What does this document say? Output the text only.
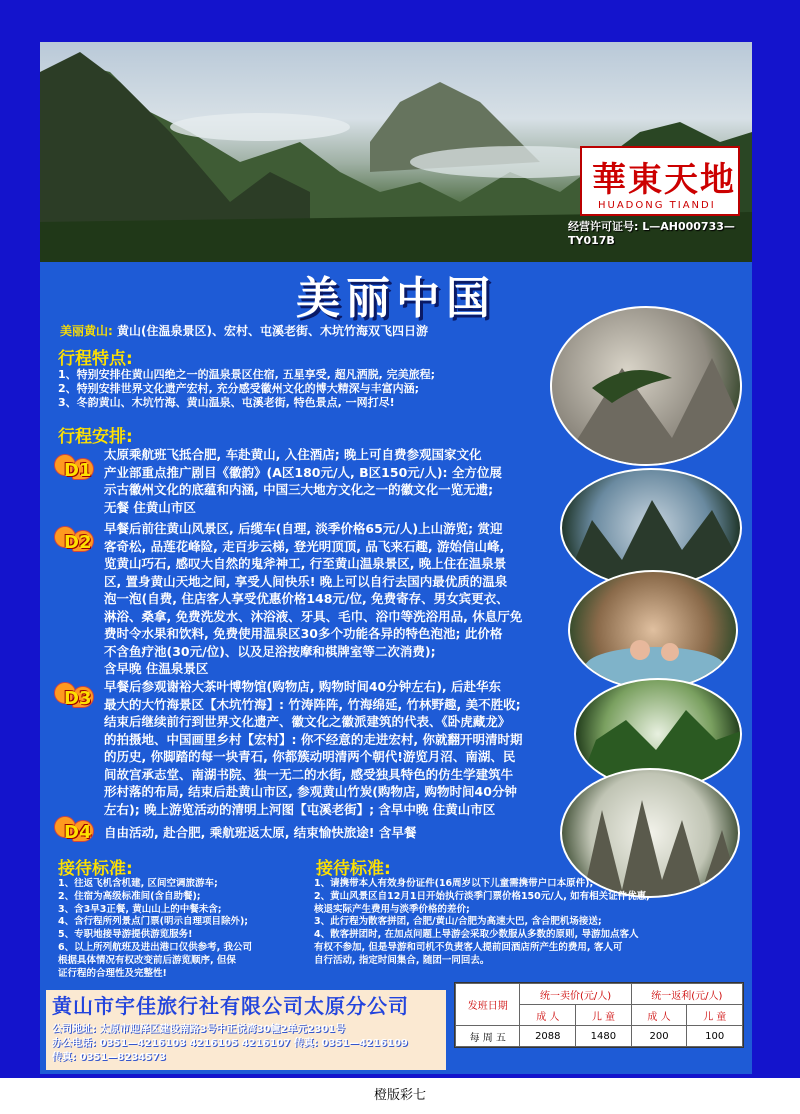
華東天地
HUADONG TIANDI
经营许可证号: L—AH000733—TY017B
美丽中国
美丽黄山: 黄山(住温泉景区)、宏村、屯溪老街、木坑竹海双飞四日游
行程特点:
1、特别安排住黄山四绝之一的温泉景区住宿, 五星享受, 超凡洒脱, 完美旅程;
2、特别安排世界文化遗产宏村, 充分感受徽州文化的博大精深与丰富内涵;
3、冬韵黄山、木坑竹海、黄山温泉、屯溪老街, 特色景点, 一网打尽!
行程安排:
D1
太原乘航班飞抵合肥, 车赴黄山, 入住酒店; 晚上可自费参观国家文化
产业部重点推广剧目《徽韵》(A区180元/人, B区150元/人): 全方位展
示古徽州文化的底蕴和内涵, 中国三大地方文化之一的徽文化一览无遗;
无餐 住黄山市区
D2
早餐后前往黄山风景区, 后缆车(自理, 淡季价格65元/人)上山游览; 赏迎
客奇松, 品莲花峰险, 走百步云梯, 登光明顶顶, 品飞来石趣, 游始信山峰,
览黄山巧石, 感叹大自然的鬼斧神工, 行至黄山温泉景区, 晚上住在温泉景
区, 置身黄山天地之间, 享受人间快乐! 晚上可以自行去国内最优质的温泉
泡一泡(自费, 住店客人享受优惠价格148元/位, 免费寄存、男女宾更衣、
淋浴、桑拿, 免费洗发水、沐浴液、牙具、毛巾、浴巾等洗浴用品, 休息厅免
费时令水果和饮料, 免费使用温泉区30多个功能各异的特色泡池; 此价格
不含鱼疗池(30元/位)、以及足浴按摩和棋牌室等二次消费);
含早晚 住温泉景区
D3
早餐后参观谢裕大茶叶博物馆(购物店, 购物时间40分钟左右), 后赴华东
最大的大竹海景区【木坑竹海】: 竹涛阵阵, 竹海绵延, 竹林野趣, 美不胜收;
结束后继续前行到世界文化遗产、徽文化之徽派建筑的代表、《卧虎藏龙》
的拍摄地、中国画里乡村【宏村】: 你不经意的走进宏村, 你就翻开明清时期
的历史, 你脚踏的每一块青石, 你都簇动明清两个朝代!游览月沼、南湖、民
间故宫承志堂、南湖书院、独一无二的水街, 感受独具特色的仿生学建筑牛
形村落的布局, 结束后赴黄山市区, 参观黄山竹炭(购物店, 购物时间40分钟
左右); 晚上游览活动的清明上河图【屯溪老街】; 含早中晚 住黄山市区
D4 自由活动, 赴合肥, 乘航班返太原, 结束愉快旅途! 含早餐
接待标准:
1、往返飞机含机建, 区间空调旅游车;
2、住宿为高级标准间(含自助餐);
3、含3早3正餐, 黄山山上的中餐未含;
4、含行程所列景点门票(明示自理项目除外);
5、专职地接导游提供游览服务!
6、以上所列航班及进出港口仅供参考, 我公司
根据具体情况有权改变前后游览顺序, 但保
证行程的合理性及完整性!
接待标准:
1、请携带本人有效身份证件(16周岁以下儿童需携带户口本原件);
2、黄山风景区自12月1日开始执行淡季门票价格150元/人, 如有相关证件优惠,
核退实际产生费用与淡季价格的差价;
3、此行程为散客拼团, 合肥/黄山/合肥为高速大巴, 含合肥机场接送;
4、散客拼团时, 在加点问题上导游会采取少数服从多数的原则, 导游加点客人
有权不参加, 但是导游和司机不负责客人提前回酒店所产生的费用, 客人可
自行活动, 指定时间集合, 随团一同回去。
黄山市宇佳旅行社有限公司太原分公司
公司地址: 太原市迎泽区建设南路3号中正悦湾30幢2单元2301号
办公电话: 0351—4216103 4216105 4216107 传真: 0351—4216109
传真: 0351—8234573
发班日期	统一卖价(元/人)		统一返利(元/人)	
	成 人	儿 童	成 人	儿 童
每 周 五	2088	1480	200	100
橙版彩七
